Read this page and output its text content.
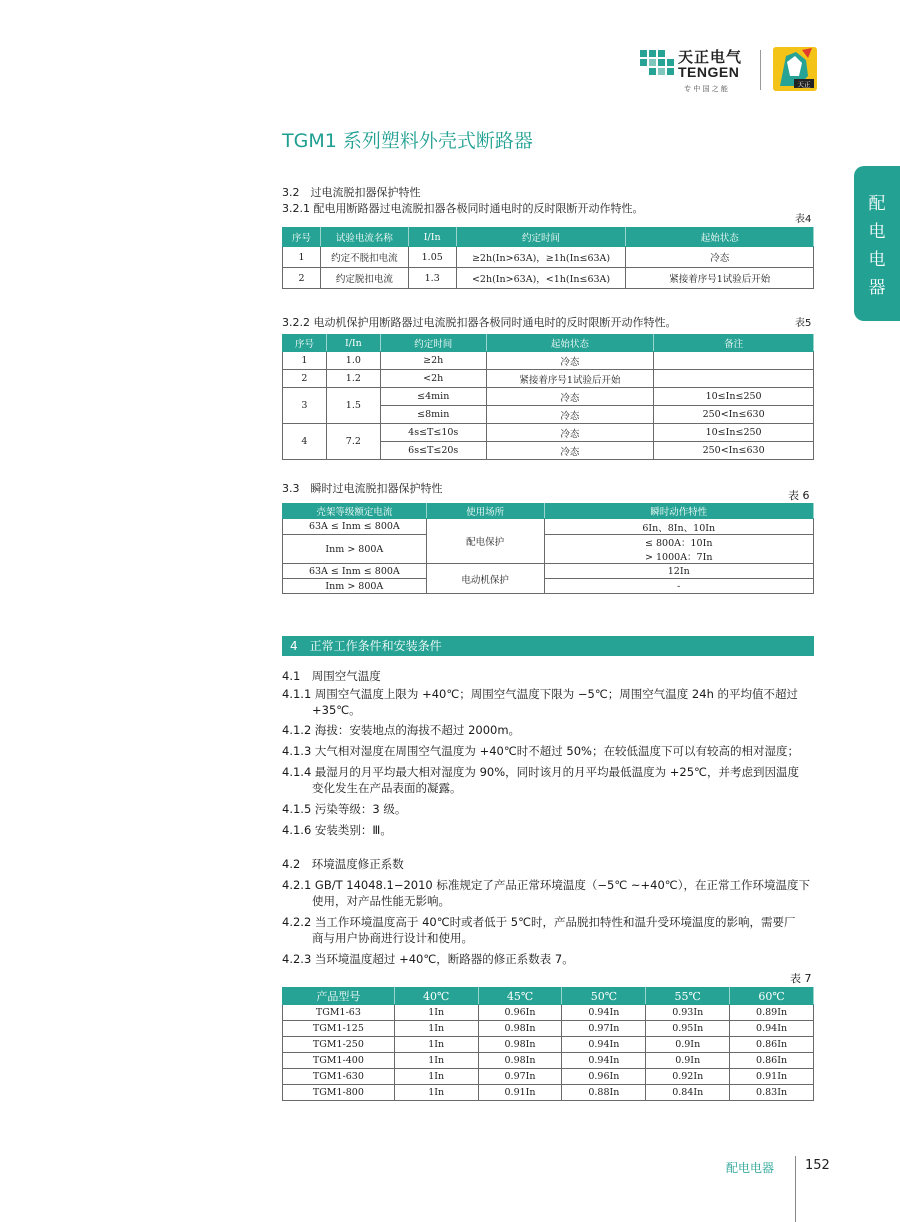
天正电气
TENGEN
专 中 国 之 能
天正
TGM1 系列塑料外壳式断路器
配
电
电
器
3.2　过电流脱扣器保护特性
3.2.1 配电用断路器过电流脱扣器各极同时通电时的反时限断开动作特性。
表4
序号	试验电流名称	I/In	约定时间	起始状态
1	约定不脱扣电流	1.05	≥2h(In>63A)，≥1h(In≤63A)	冷态
2	约定脱扣电流	1.3	<2h(In>63A)，<1h(In≤63A)	紧接着序号1试验后开始
3.2.2 电动机保护用断路器过电流脱扣器各极同时通电时的反时限断开动作特性。	表5
序号	I/In	约定时间	起始状态	备注
1	1.0	≥2h	冷态	
2	1.2	<2h	紧接着序号1试验后开始	
3	1.5	≤4min	冷态	10≤In≤250
		≤8min	冷态	250<In≤630
4	7.2	4s≤T≤10s	冷态	10≤In≤250
		6s≤T≤20s	冷态	250<In≤630
3.3　瞬时过电流脱扣器保护特性
表 6
壳架等级额定电流	使用场所	瞬时动作特性
63A ≤ Inm ≤ 800A	配电保护	6In、8In、10In
Inm > 800A		≤ 800A：10In
> 1000A：7In

63A ≤ Inm ≤ 800A	电动机保护	12In
Inm > 800A		-
4　正常工作条件和安装条件
4.1　周围空气温度
4.1.1 周围空气温度上限为 +40℃；周围空气温度下限为 −5℃；周围空气温度 24h 的平均值不超过
+35℃。
4.1.2 海拔：安装地点的海拔不超过 2000m。
4.1.3 大气相对湿度在周围空气温度为 +40℃时不超过 50%；在较低温度下可以有较高的相对湿度；
4.1.4 最湿月的月平均最大相对湿度为 90%，同时该月的月平均最低温度为 +25℃，并考虑到因温度
变化发生在产品表面的凝露。
4.1.5 污染等级：3 级。
4.1.6 安装类别：Ⅲ。
4.2　环境温度修正系数
4.2.1 GB/T 14048.1−2010 标准规定了产品正常环境温度（−5℃ ~+40℃），在正常工作环境温度下
使用，对产品性能无影响。
4.2.2 当工作环境温度高于 40℃时或者低于 5℃时，产品脱扣特性和温升受环境温度的影响，需要厂
商与用户协商进行设计和使用。
4.2.3 当环境温度超过 +40℃，断路器的修正系数表 7。
表 7
产品型号	40℃	45℃	50℃	55℃	60℃
TGM1-63	1In	0.96In	0.94In	0.93In	0.89In
TGM1-125	1In	0.98In	0.97In	0.95In	0.94In
TGM1-250	1In	0.98In	0.94In	0.9In	0.86In
TGM1-400	1In	0.98In	0.94In	0.9In	0.86In
TGM1-630	1In	0.97In	0.96In	0.92In	0.91In
TGM1-800	1In	0.91In	0.88In	0.84In	0.83In
配电电器 152
